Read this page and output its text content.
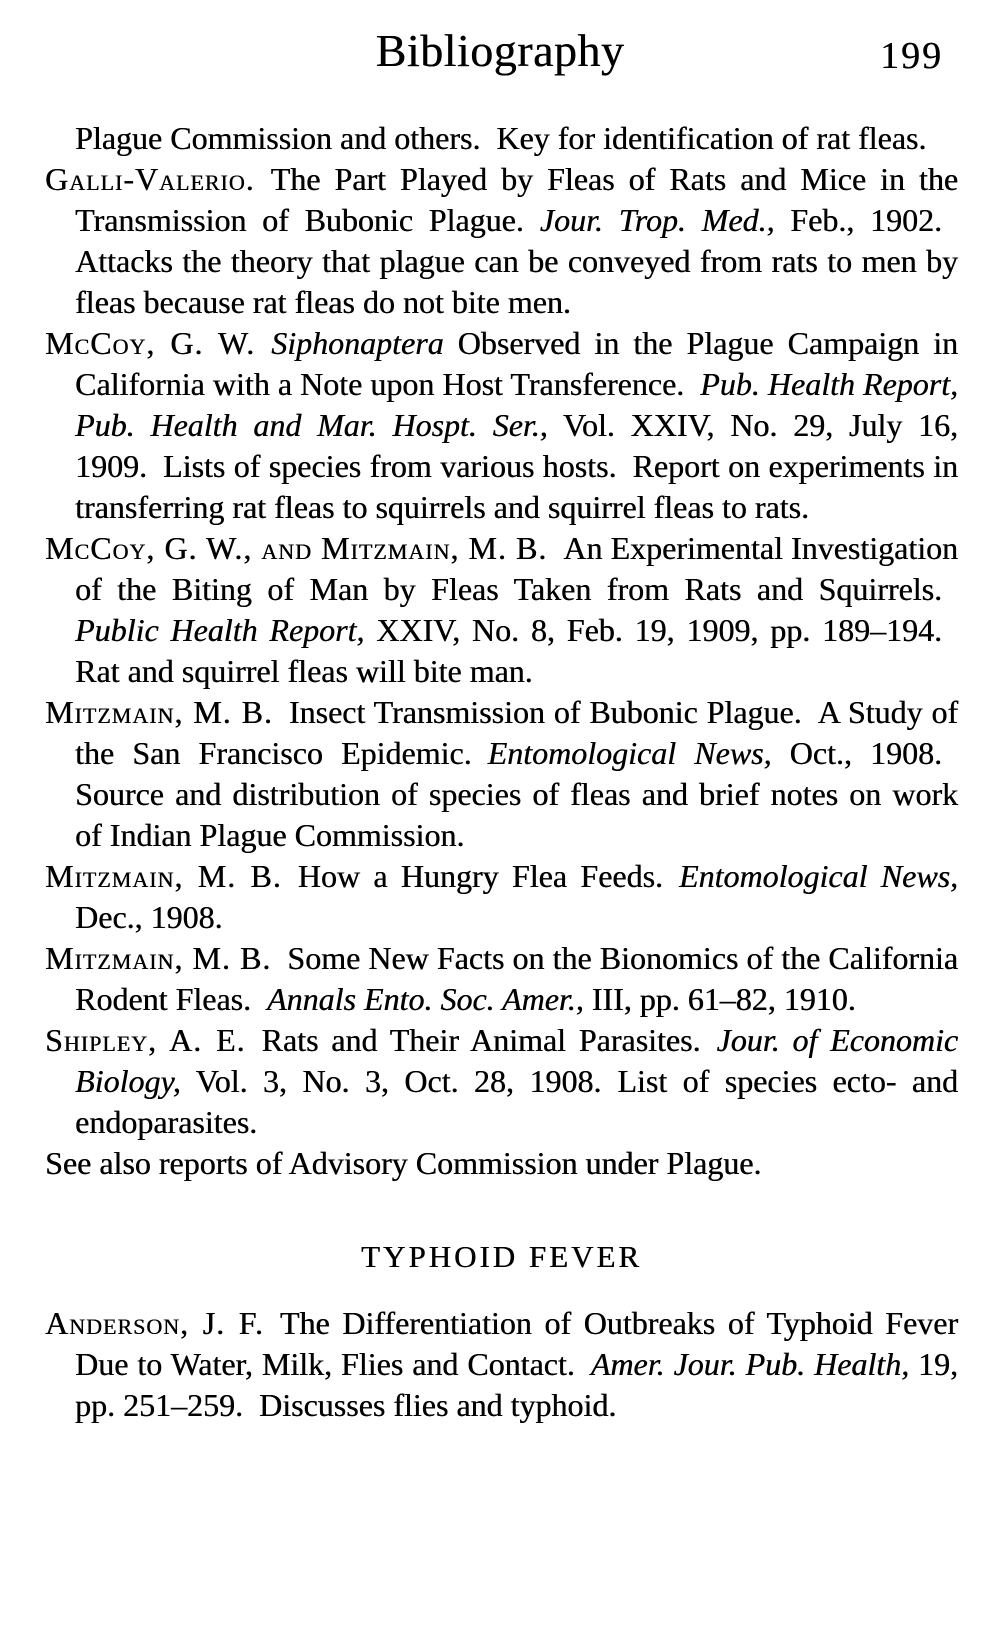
Bibliography	199

Plague Commission and others. Key for identification of rat fleas.

Galli-Valerio. The Part Played by Fleas of Rats and Mice in the Transmission of Bubonic Plague. Jour. Trop. Med., Feb., 1902. Attacks the theory that plague can be conveyed from rats to men by fleas because rat fleas do not bite men.

McCoy, G. W.  Siphonaptera Observed in the Plague Campaign in California with a Note upon Host Transference. Pub. Health Report, Pub. Health and Mar. Hospt. Ser., Vol. XXIV, No. 29, July 16, 1909. Lists of species from various hosts. Report on experiments in transferring rat fleas to squirrels and squirrel fleas to rats.

McCoy, G. W., and Mitzmain, M. B. An Experimental Investigation of the Biting of Man by Fleas Taken from Rats and Squirrels. Public Health Report, XXIV, No. 8, Feb. 19, 1909, pp. 189–194. Rat and squirrel fleas will bite man.

Mitzmain, M. B. Insect Transmission of Bubonic Plague. A Study of the San Francisco Epidemic. Entomological News, Oct., 1908. Source and distribution of species of fleas and brief notes on work of Indian Plague Commission.

Mitzmain, M. B. How a Hungry Flea Feeds. Entomological News, Dec., 1908.

Mitzmain, M. B. Some New Facts on the Bionomics of the California Rodent Fleas. Annals Ento. Soc. Amer., III, pp. 61–82, 1910.

Shipley, A. E. Rats and Their Animal Parasites. Jour. of Economic Biology, Vol. 3, No. 3, Oct. 28, 1908. List of species ecto- and endoparasites.

See also reports of Advisory Commission under Plague.

TYPHOID FEVER

Anderson, J. F. The Differentiation of Outbreaks of Typhoid Fever Due to Water, Milk, Flies and Contact. Amer. Jour. Pub. Health, 19, pp. 251–259. Discusses flies and typhoid.
